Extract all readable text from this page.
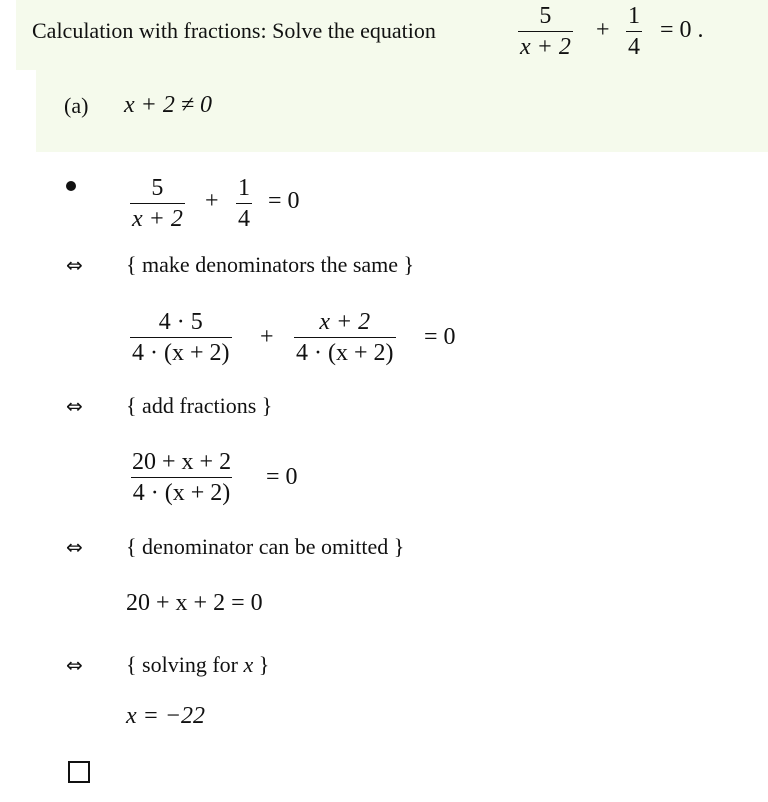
Calculation with fractions: Solve the equation	$\frac{5}{x + 2} + \frac{1}{4} = 0$ .
(a) x + 2 ≠ 0
$\frac{5}{x + 2} + \frac{1}{4} = 0$
⇔ { make denominators the same }
$\frac{4 \cdot 5}{4 \cdot (x + 2)} + \frac{x + 2}{4 \cdot (x + 2)} = 0$
⇔ { add fractions }
$\frac{20 + x + 2}{4 \cdot (x + 2)} = 0$
⇔ { denominator can be omitted }
20 + x + 2 = 0
⇔ { solving for x }
x = −22
